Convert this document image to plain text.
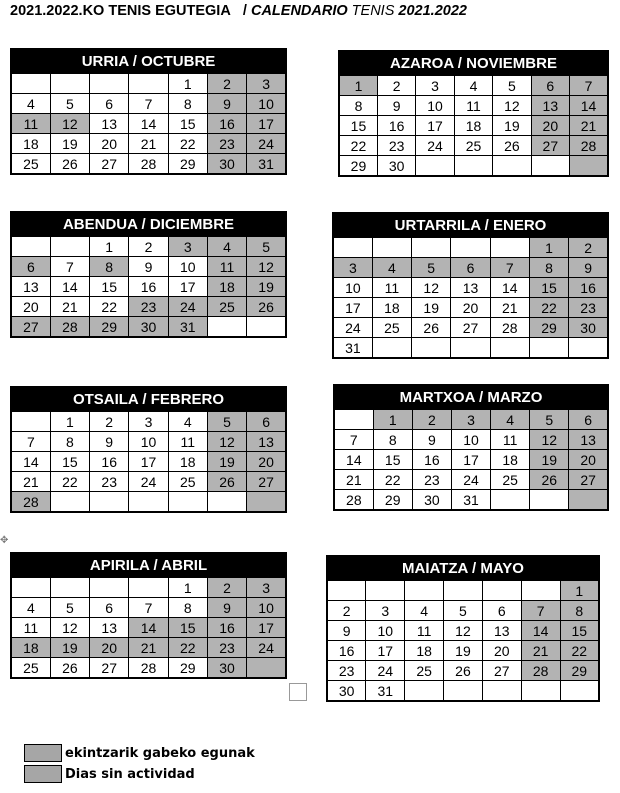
2021.2022.KO TENIS EGUTEGIA / CALENDARIO TENIS 2021.2022
URRIA / OCTUBRE						
				1	2	3
4	5	6	7	8	9	10
11	12	13	14	15	16	17
18	19	20	21	22	23	24
25	26	27	28	29	30	31
AZAROA / NOVIEMBRE						
1	2	3	4	5	6	7
8	9	10	11	12	13	14
15	16	17	18	19	20	21
22	23	24	25	26	27	28
29	30					
ABENDUA / DICIEMBRE						
		1	2	3	4	5
6	7	8	9	10	11	12
13	14	15	16	17	18	19
20	21	22	23	24	25	26
27	28	29	30	31		
URTARRILA / ENERO						
					1	2
3	4	5	6	7	8	9
10	11	12	13	14	15	16
17	18	19	20	21	22	23
24	25	26	27	28	29	30
31						
OTSAILA / FEBRERO						
	1	2	3	4	5	6
7	8	9	10	11	12	13
14	15	16	17	18	19	20
21	22	23	24	25	26	27
28						
MARTXOA / MARZO						
	1	2	3	4	5	6
7	8	9	10	11	12	13
14	15	16	17	18	19	20
21	22	23	24	25	26	27
28	29	30	31			
APIRILA / ABRIL						
				1	2	3
4	5	6	7	8	9	10
11	12	13	14	15	16	17
18	19	20	21	22	23	24
25	26	27	28	29	30	
MAIATZA / MAYO						
						1
2	3	4	5	6	7	8
9	10	11	12	13	14	15
16	17	18	19	20	21	22
23	24	25	26	27	28	29
30	31					
✥
ekintzarik gabeko egunak
Dias sin actividad
